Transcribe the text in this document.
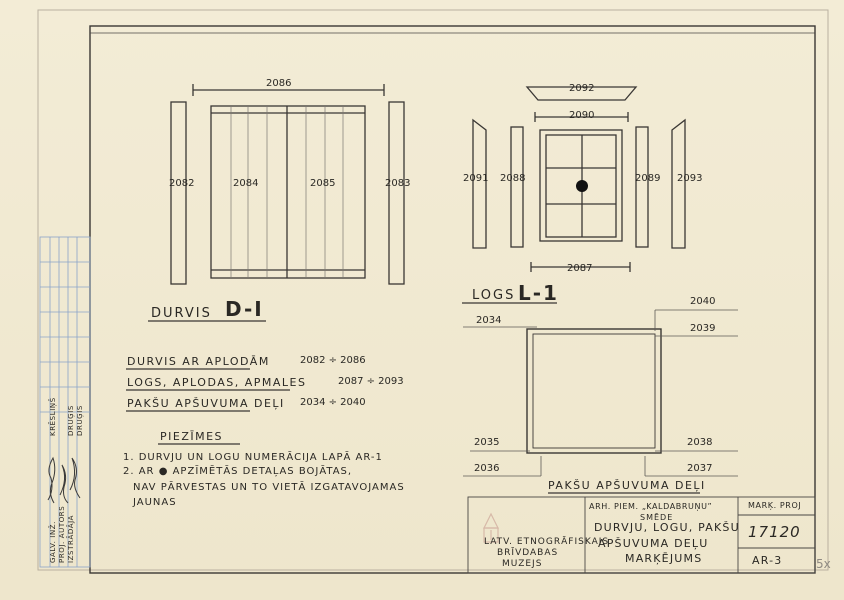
2086
2082	2084	2085	2083
DURVIS D-I
2092
2090
2091 2088	2089 2093
2087
LOGS L-1
2034
2040
2039
2035
2036
2038
2037
PAKŠU APŠUVUMA DEĻI
DURVIS AR APLODĀM	2082 ÷ 2086
LOGS, APLODAS, APMALES	2087 ÷ 2093
PAKŠU APŠUVUMA DEĻI 2034 ÷ 2040
PIEZĪMES
1. DURVJU UN LOGU NUMERĀCIJA LAPĀ AR-1
2. AR ● APZĪMĒTĀS DETAĻAS BOJĀTAS,
NAV PĀRVESTAS UN TO VIETĀ IZGATAVOJAMAS
JAUNAS
LATV. ETNOGRĀFISKAIS
BRĪVDABAS
MUZEJS
ARH. PIEM. „KALDABRUŅU”
SMĒDE
DURVJU, LOGU, PAKŠU
APŠUVUMA DEĻU
MARĶĒJUMS
MARĶ. PROJ
17120
AR-3	5x
GALV. INŽ. PROJ. AUTORS IZSTRĀDĀJA
KRĒSLIŅŠ DRUĢIS DRUĢIS
